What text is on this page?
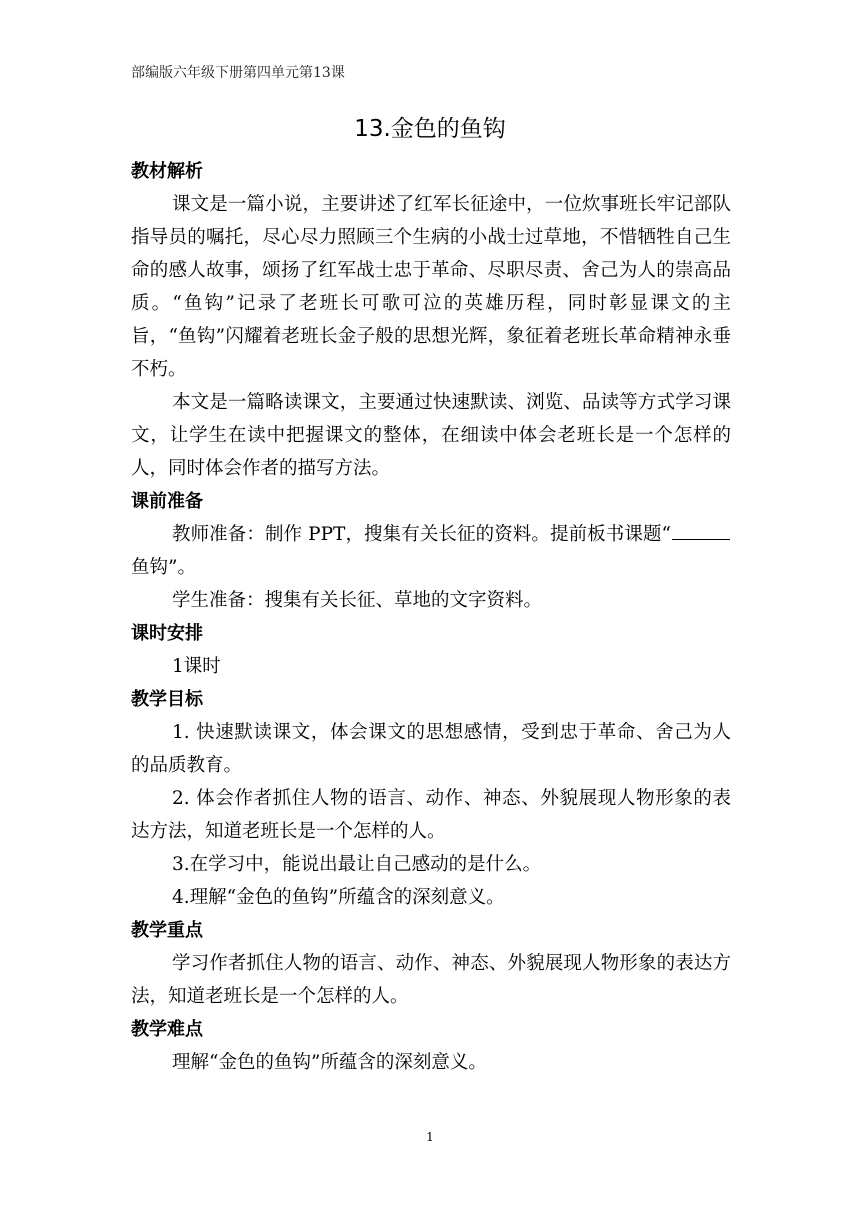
部编版六年级下册第四单元第13课
13.金色的鱼钩
教材解析

课文是一篇小说，主要讲述了红军长征途中，一位炊事班长牢记部队指导员的嘱托，尽心尽力照顾三个生病的小战士过草地，不惜牺牲自己生命的感人故事，颂扬了红军战士忠于革命、尽职尽责、舍己为人的崇高品质。“鱼钩”记录了老班长可歌可泣的英雄历程，同时彰显课文的主旨，“鱼钩”闪耀着老班长金子般的思想光辉，象征着老班长革命精神永垂不朽。

本文是一篇略读课文，主要通过快速默读、浏览、品读等方式学习课文，让学生在读中把握课文的整体，在细读中体会老班长是一个怎样的人，同时体会作者的描写方法。

课前准备

教师准备：制作 PPT，搜集有关长征的资料。提前板书课题“鱼钩”。

学生准备：搜集有关长征、草地的文字资料。

课时安排

1课时

教学目标

1. 快速默读课文，体会课文的思想感情，受到忠于革命、舍己为人的品质教育。

2. 体会作者抓住人物的语言、动作、神态、外貌展现人物形象的表达方法，知道老班长是一个怎样的人。

3.在学习中，能说出最让自己感动的是什么。

4.理解“金色的鱼钩”所蕴含的深刻意义。

教学重点

学习作者抓住人物的语言、动作、神态、外貌展现人物形象的表达方法，知道老班长是一个怎样的人。

教学难点

理解“金色的鱼钩”所蕴含的深刻意义。

1
